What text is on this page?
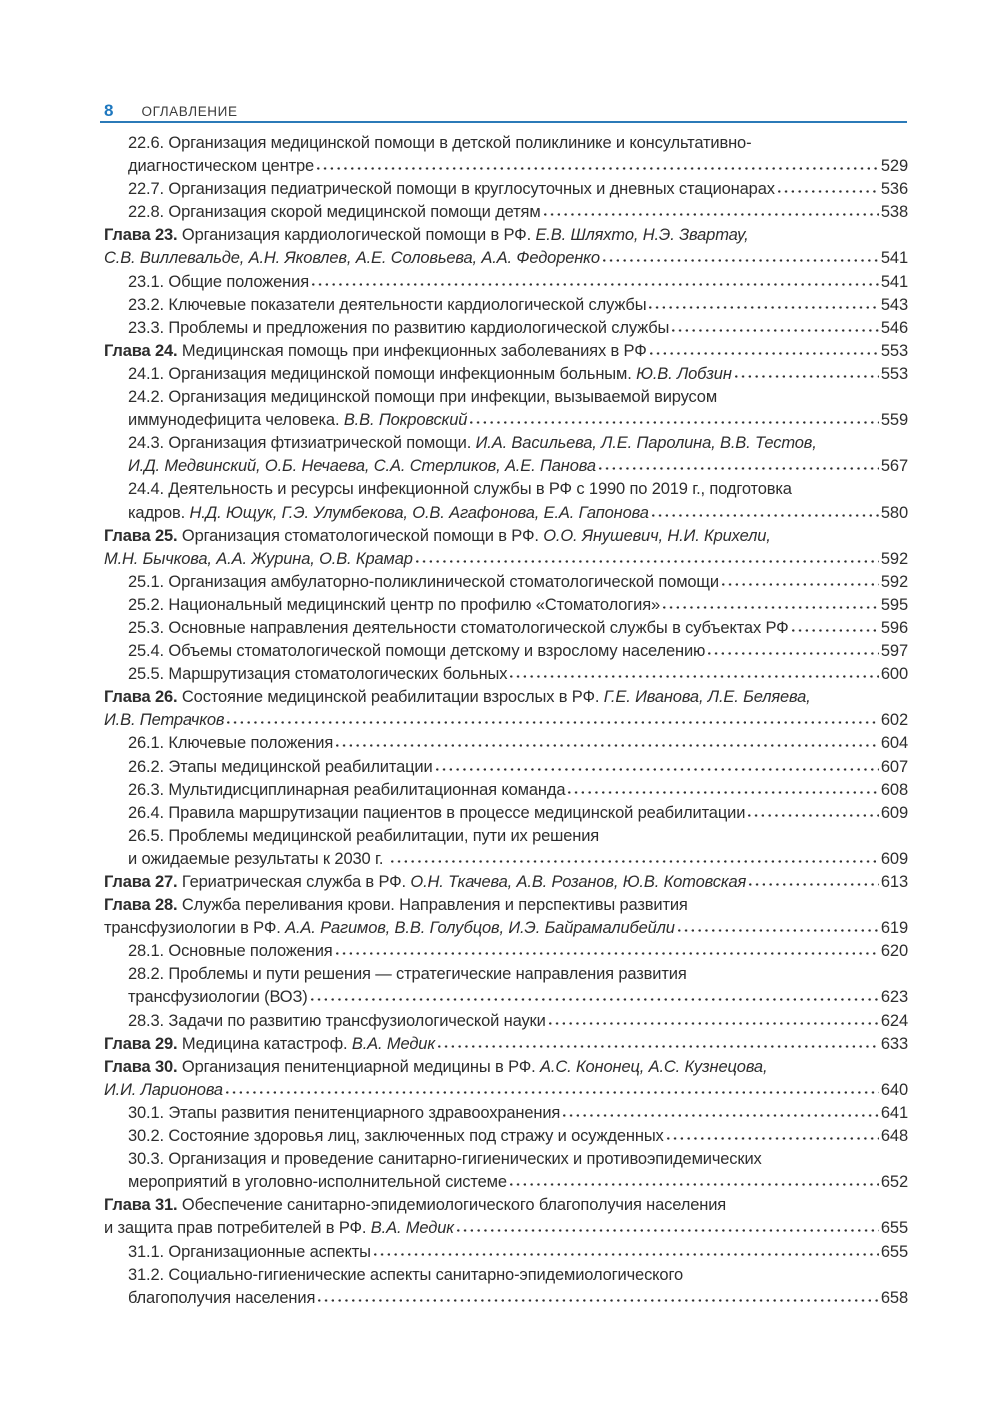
8 ОГЛАВЛЕНИЕ
22.6. Организация медицинской помощи в детской поликлинике и консультативно-
диагностическом центре	529
22.7. Организация педиатрической помощи в круглосуточных и дневных стационарах	536
22.8. Организация скорой медицинской помощи детям	538
Глава 23. Организация кардиологической помощи в РФ. Е.В. Шляхто, Н.Э. Звартау,
С.В. Виллевальде, А.Н. Яковлев, А.Е. Соловьева, А.А. Федоренко	541
23.1. Общие положения	541
23.2. Ключевые показатели деятельности кардиологической службы	543
23.3. Проблемы и предложения по развитию кардиологической службы	546
Глава 24. Медицинская помощь при инфекционных заболеваниях в РФ	553
24.1. Организация медицинской помощи инфекционным больным. Ю.В. Лобзин	553
24.2. Организация медицинской помощи при инфекции, вызываемой вирусом
иммунодефицита человека. В.В. Покровский	559
24.3. Организация фтизиатрической помощи. И.А. Васильева, Л.Е. Паролина, В.В. Тестов,
И.Д. Медвинский, О.Б. Нечаева, С.А. Стерликов, А.Е. Панова	567
24.4. Деятельность и ресурсы инфекционной службы в РФ с 1990 по 2019 г., подготовка
кадров. Н.Д. Ющук, Г.Э. Улумбекова, О.В. Агафонова, Е.А. Гапонова	580
Глава 25. Организация стоматологической помощи в РФ. О.О. Янушевич, Н.И. Крихели,
М.Н. Бычкова, А.А. Журина, О.В. Крамар	592
25.1. Организация амбулаторно-поликлинической стоматологической помощи	592
25.2. Национальный медицинский центр по профилю «Стоматология»	595
25.3. Основные направления деятельности стоматологической службы в субъектах РФ	596
25.4. Объемы стоматологической помощи детскому и взрослому населению	597
25.5. Маршрутизация стоматологических больных	600
Глава 26. Состояние медицинской реабилитации взрослых в РФ. Г.Е. Иванова, Л.Е. Беляева,
И.В. Петрачков	602
26.1. Ключевые положения	604
26.2. Этапы медицинской реабилитации	607
26.3. Мультидисциплинарная реабилитационная команда	608
26.4. Правила маршрутизации пациентов в процессе медицинской реабилитации	609
26.5. Проблемы медицинской реабилитации, пути их решения
и ожидаемые результаты к 2030 г.	609
Глава 27. Гериатрическая служба в РФ. О.Н. Ткачева, А.В. Розанов, Ю.В. Котовская	613
Глава 28. Служба переливания крови. Направления и перспективы развития
трансфузиологии в РФ. А.А. Рагимов, В.В. Голубцов, И.Э. Байрамалибейли	619
28.1. Основные положения	620
28.2. Проблемы и пути решения — стратегические направления развития
трансфузиологии (ВОЗ)	623
28.3. Задачи по развитию трансфузиологической науки	624
Глава 29. Медицина катастроф. В.А. Медик	633
Глава 30. Организация пенитенциарной медицины в РФ. А.С. Кононец, А.С. Кузнецова,
И.И. Ларионова	640
30.1. Этапы развития пенитенциарного здравоохранения	641
30.2. Состояние здоровья лиц, заключенных под стражу и осужденных	648
30.3. Организация и проведение санитарно-гигиенических и противоэпидемических
мероприятий в уголовно-исполнительной системе	652
Глава 31. Обеспечение санитарно-эпидемиологического благополучия населения
и защита прав потребителей в РФ. В.А. Медик	655
31.1. Организационные аспекты	655
31.2. Социально-гигиенические аспекты санитарно-эпидемиологического
благополучия населения	658
